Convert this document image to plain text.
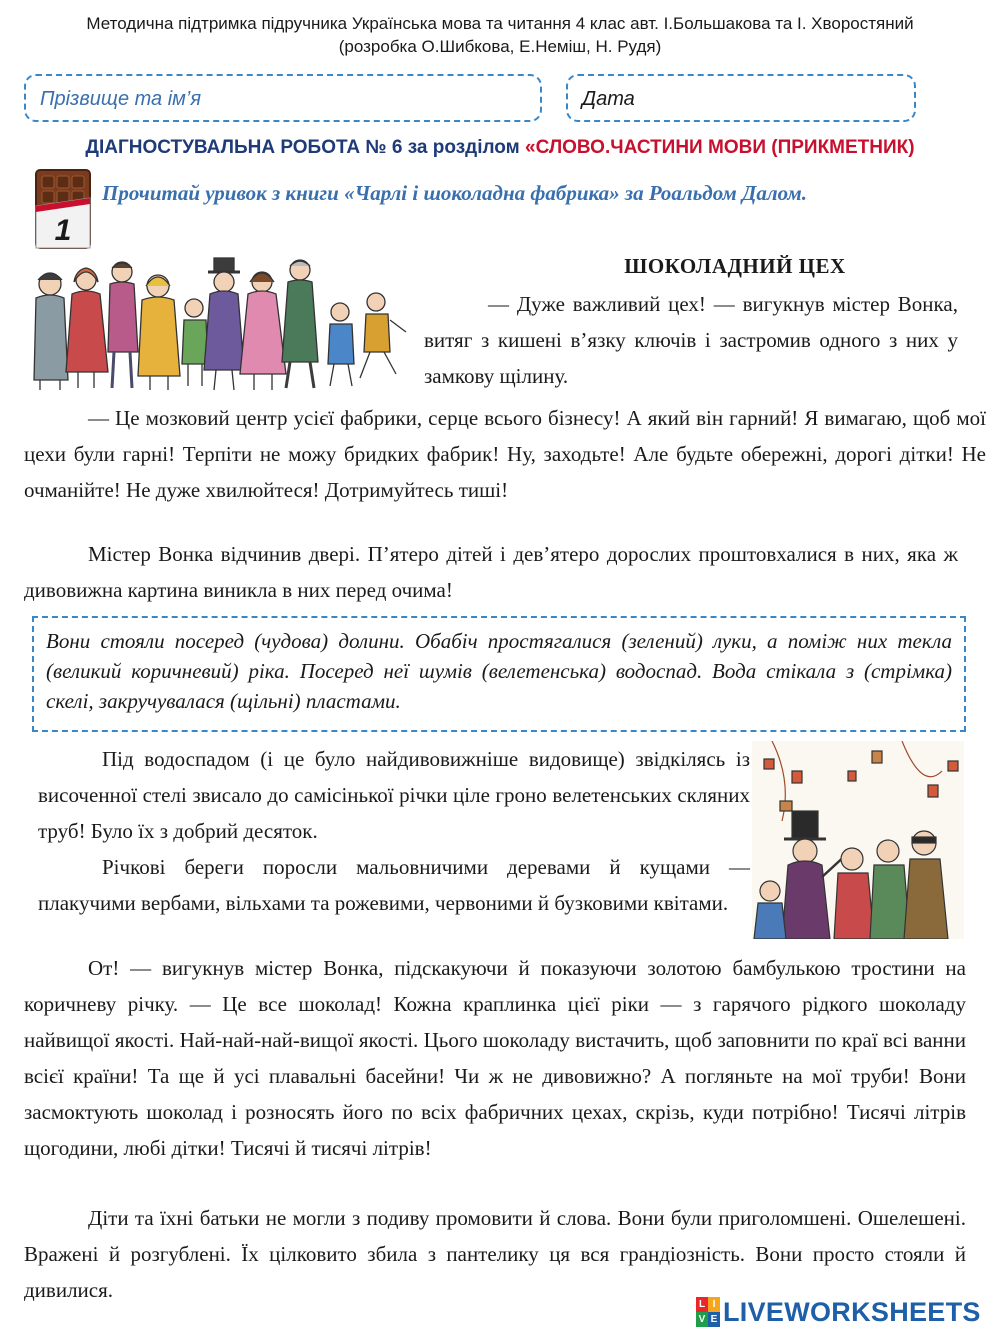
Методична підтримка підручника Українська мова та читання 4 клас авт. І.Большакова та І. Хворостяний
(розробка О.Шибкова, Е.Неміш, Н. Рудя)
Прізвище та ім’я	Дата
ДІАГНОСТУВАЛЬНА РОБОТА № 6 за розділом «СЛОВО.ЧАСТИНИ МОВИ (ПРИКМЕТНИК)
1
Прочитай уривок з книги «Чарлі і шоколадна фабрика» за Роальдом Далом.
ШОКОЛАДНИЙ ЦЕХ

— Дуже важливий цех! — вигукнув містер Вонка, витяг з кишені в’язку ключів і застромив одного з них у замкову щілину.

— Це мозковий центр усієї фабрики, серце всього бізнесу! А який він гарний! Я вимагаю, щоб мої цехи були гарні! Терпіти не можу бридких фабрик! Ну, заходьте! Але будьте обережні, дорогі дітки! Не очманійте! Не дуже хвилюйтеся! Дотримуйтесь тиші!

Містер Вонка відчинив двері. П’ятеро дітей і дев’ятеро дорослих проштовхалися в них, яка ж дивовижна картина виникла в них перед очима!

Вони стояли посеред (чудова) долини. Обабіч простягалися (зелений) луки, а поміж них текла (великий коричневий) ріка. Посеред неї шумів (велетенська) водоспад. Вода стікала з (стрімка) скелі, закручувалася (щільні) пластами.

Під водоспадом (і це було найдивовижніше видовище) звідкілясь із височенної стелі звисало до самісінької річки ціле гроно велетенських скляних труб! Було їх з добрий десяток.

Річкові береги поросли мальовничими деревами й кущами — плакучими вербами, вільхами та рожевими, червоними й бузковими квітами.

От! — вигукнув містер Вонка, підскакуючи й показуючи золотою бамбулькою тростини на коричневу річку. — Це все шоколад! Кожна краплинка цієї ріки — з гарячого рідкого шоколаду найвищої якості. Най-най-най-вищої якості. Цього шоколаду вистачить, щоб заповнити по краї всі ванни всієї країни! Та ще й усі плавальні басейни! Чи ж не дивовижно? А погляньте на мої труби! Вони засмоктують шоколад і розносять його по всіх фабричних цехах, скрізь, куди потрібно! Тисячі літрів щогодини, любі дітки! Тисячі й тисячі літрів!

Діти та їхні батьки не могли з подиву промовити й слова. Вони були приголомшені. Ошелешені. Вражені й розгублені. Їх цілковито збила з пантелику ця вся грандіозність. Вони просто стояли й дивилися.

L I
V E LIVEWORKSHEETS
